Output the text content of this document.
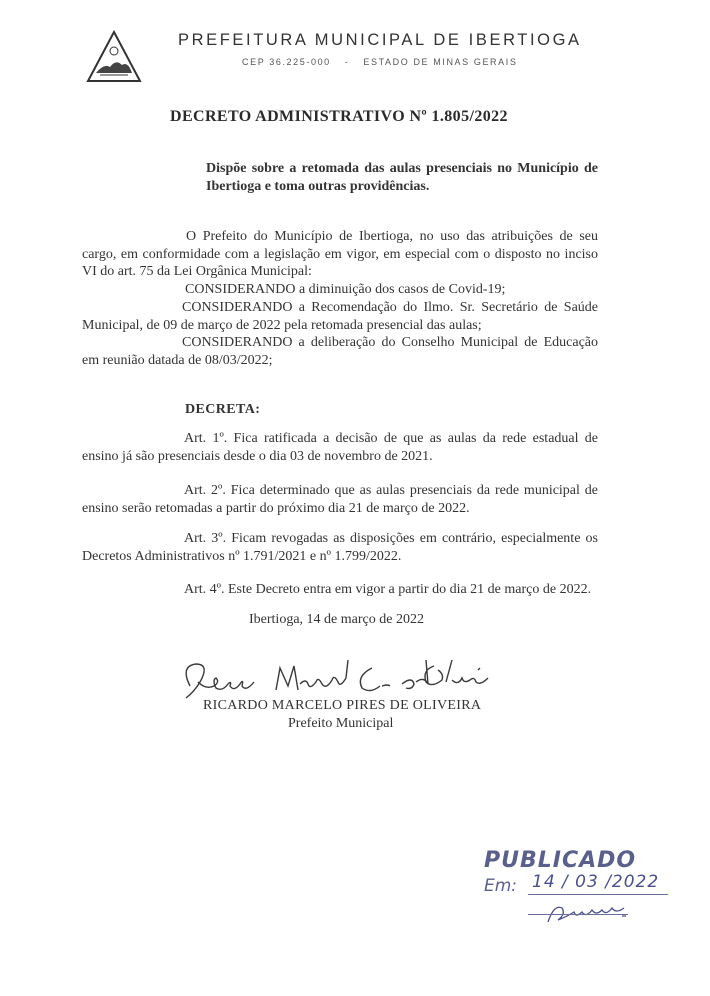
PREFEITURA MUNICIPAL DE IBERTIOGA
CEP 36.225-000 - ESTADO DE MINAS GERAIS
DECRETO ADMINISTRATIVO Nº 1.805/2022
Dispõe sobre a retomada das aulas presenciais no Município de Ibertioga e toma outras providências.
O Prefeito do Município de Ibertioga, no uso das atribuições de seu cargo, em conformidade com a legislação em vigor, em especial com o disposto no inciso VI do art. 75 da Lei Orgânica Municipal:
CONSIDERANDO a diminuição dos casos de Covid-19;
CONSIDERANDO a Recomendação do Ilmo. Sr. Secretário de Saúde Municipal, de 09 de março de 2022 pela retomada presencial das aulas;
CONSIDERANDO a deliberação do Conselho Municipal de Educação em reunião datada de 08/03/2022;
DECRETA:
Art. 1º. Fica ratificada a decisão de que as aulas da rede estadual de ensino já são presenciais desde o dia 03 de novembro de 2021.
Art. 2º. Fica determinado que as aulas presenciais da rede municipal de ensino serão retomadas a partir do próximo dia 21 de março de 2022.
Art. 3º. Ficam revogadas as disposições em contrário, especialmente os Decretos Administrativos nº 1.791/2021 e nº 1.799/2022.
Art. 4º. Este Decreto entra em vigor a partir do dia 21 de março de 2022.
Ibertioga, 14 de março de 2022
RICARDO MARCELO PIRES DE OLIVEIRA
Prefeito Municipal
PUBLICADO
Em: 14 / 03 /2022
